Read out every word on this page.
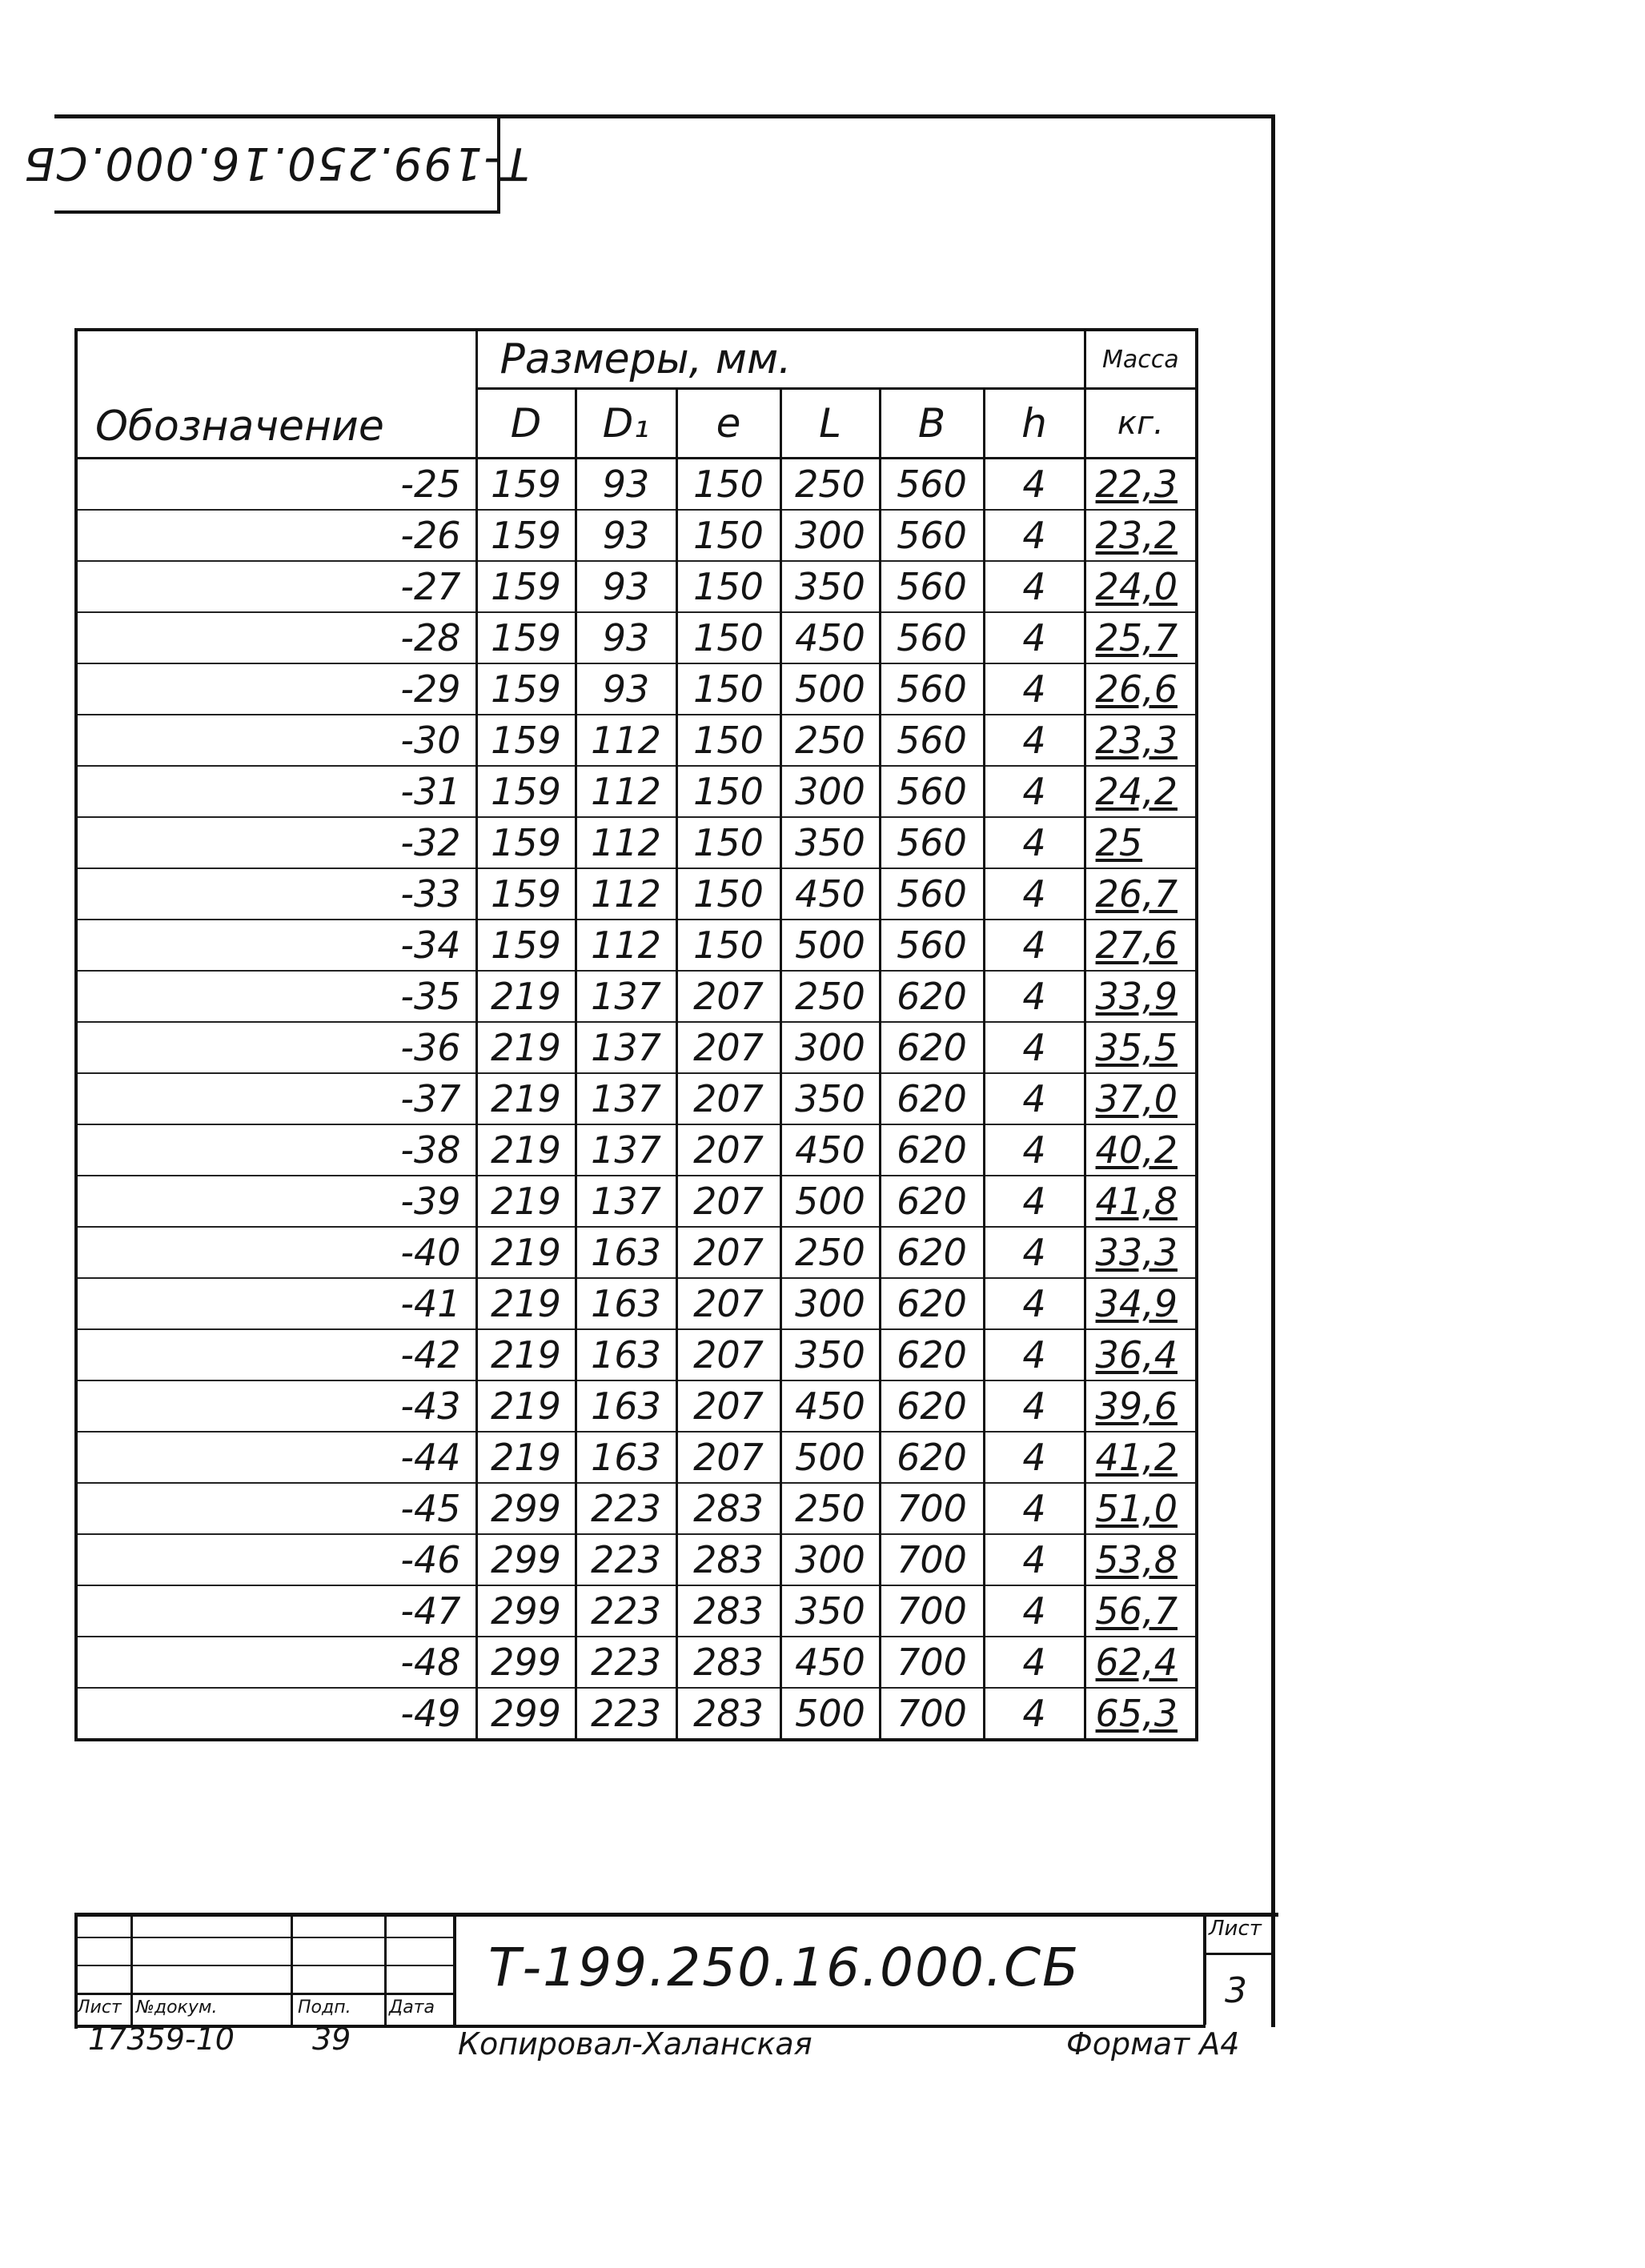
Т-199.250.16.000.СБ
Обозначение	Размеры, мм.						Масса
	D	D₁	e	L	B	h	кг.
-25	159	93	150	250	560	4	22,3
-26	159	93	150	300	560	4	23,2
-27	159	93	150	350	560	4	24,0
-28	159	93	150	450	560	4	25,7
-29	159	93	150	500	560	4	26,6
-30	159	112	150	250	560	4	23,3
-31	159	112	150	300	560	4	24,2
-32	159	112	150	350	560	4	25
-33	159	112	150	450	560	4	26,7
-34	159	112	150	500	560	4	27,6
-35	219	137	207	250	620	4	33,9
-36	219	137	207	300	620	4	35,5
-37	219	137	207	350	620	4	37,0
-38	219	137	207	450	620	4	40,2
-39	219	137	207	500	620	4	41,8
-40	219	163	207	250	620	4	33,3
-41	219	163	207	300	620	4	34,9
-42	219	163	207	350	620	4	36,4
-43	219	163	207	450	620	4	39,6
-44	219	163	207	500	620	4	41,2
-45	299	223	283	250	700	4	51,0
-46	299	223	283	300	700	4	53,8
-47	299	223	283	350	700	4	56,7
-48	299	223	283	450	700	4	62,4
-49	299	223	283	500	700	4	65,3
Лист №докум.	Подп. Дата
Т-199.250.16.000.СБ
Лист
3
17359-10	39	Копировал-Халанская	Формат А4
